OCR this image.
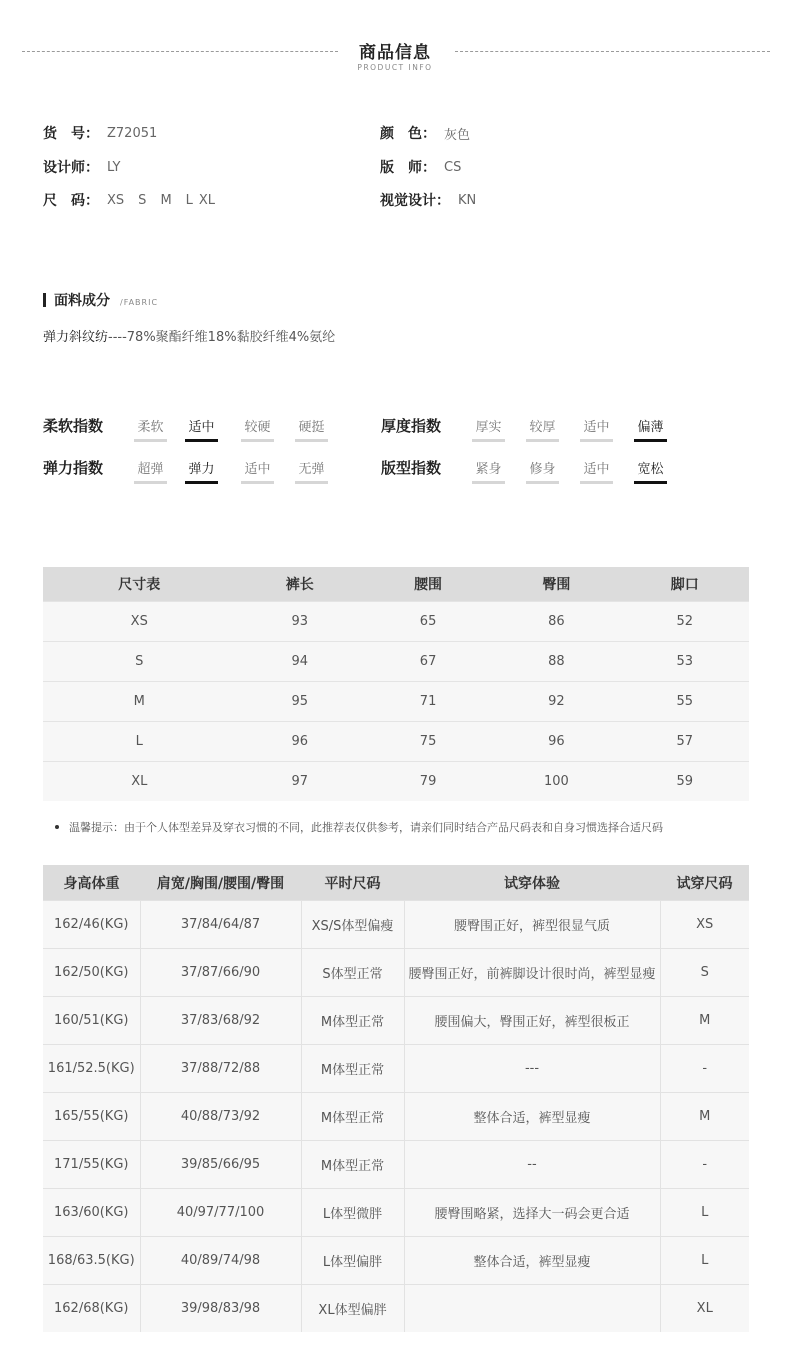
商品信息
PRODUCT INFO
货　号： Z72051
设计师： LY
尺　码： XS S M L XL
颜　色： 灰色
版　师： CS
视觉设计： KN
面料成分 /FABRIC
弹力斜纹纺----78%聚酯纤维18%黏胶纤维4%氨纶
柔软指数	柔软 适中 较硬 硬挺	厚度指数	厚实 较厚 适中 偏薄
弹力指数	超弹 弹力 适中 无弹	版型指数	紧身 修身 适中 宽松
尺寸表	裤长	腰围	臀围	脚口
XS	93	65	86	52
S	94	67	88	53
M	95	71	92	55
L	96	75	96	57
XL	97	79	100	59
温馨提示：由于个人体型差异及穿衣习惯的不同，此推荐表仅供参考，请亲们同时结合产品尺码表和自身习惯选择合适尺码
身高体重	肩宽/胸围/腰围/臀围	平时尺码	试穿体验	试穿尺码
162/46(KG)	37/84/64/87	XS/S体型偏瘦	腰臀围正好，裤型很显气质	XS
162/50(KG)	37/87/66/90	S体型正常	腰臀围正好，前裤脚设计很时尚，裤型显瘦	S
160/51(KG)	37/83/68/92	M体型正常	腰围偏大，臀围正好，裤型很板正	M
161/52.5(KG)	37/88/72/88	M体型正常	---	-
165/55(KG)	40/88/73/92	M体型正常	整体合适，裤型显瘦	M
171/55(KG)	39/85/66/95	M体型正常	--	-
163/60(KG)	40/97/77/100	L体型微胖	腰臀围略紧，选择大一码会更合适	L
168/63.5(KG)	40/89/74/98	L体型偏胖	整体合适，裤型显瘦	L
162/68(KG)	39/98/83/98	XL体型偏胖		XL
